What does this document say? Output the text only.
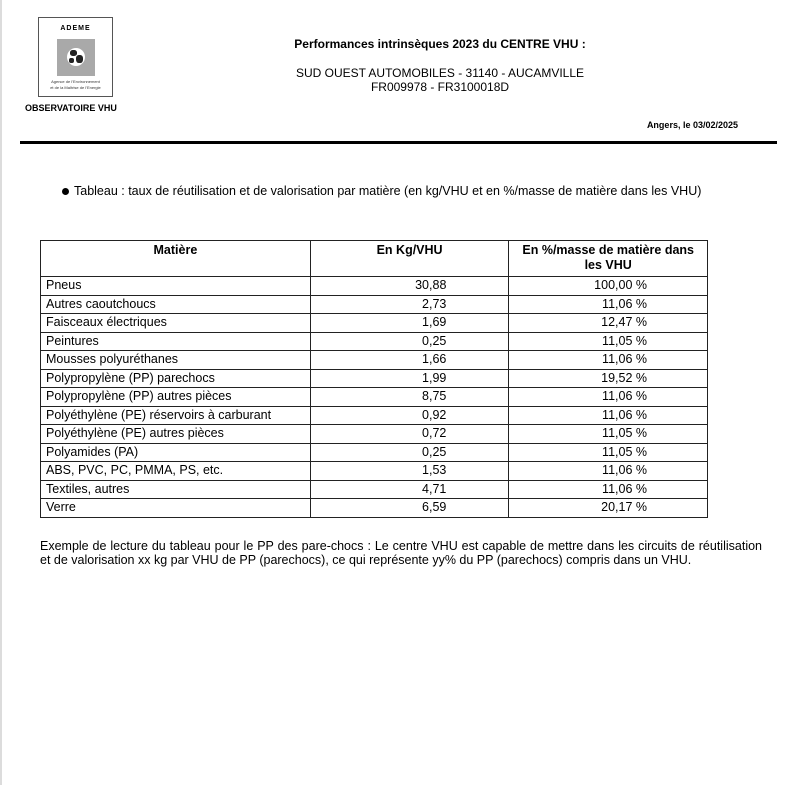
ADEME
Agence de l'Environnement
et de la Maîtrise de l'Energie
OBSERVATOIRE VHU
Performances intrinsèques 2023 du CENTRE VHU :
SUD OUEST AUTOMOBILES - 31140 - AUCAMVILLE
FR009978 - FR3100018D
Angers, le 03/02/2025
Tableau : taux de réutilisation et de valorisation par matière (en kg/VHU et en %/masse de matière dans les VHU)
Matière	En Kg/VHU	En %/masse de matière dans les VHU
Pneus	30,88	100,00 %
Autres caoutchoucs	2,73	11,06 %
Faisceaux électriques	1,69	12,47 %
Peintures	0,25	11,05 %
Mousses polyuréthanes	1,66	11,06 %
Polypropylène (PP) parechocs	1,99	19,52 %
Polypropylène (PP) autres pièces	8,75	11,06 %
Polyéthylène (PE) réservoirs à carburant	0,92	11,06 %
Polyéthylène (PE) autres pièces	0,72	11,05 %
Polyamides (PA)	0,25	11,05 %
ABS, PVC, PC, PMMA, PS, etc.	1,53	11,06 %
Textiles, autres	4,71	11,06 %
Verre	6,59	20,17 %
Exemple de lecture du tableau pour le PP des pare-chocs : Le centre VHU est capable de mettre dans les circuits de réutilisation et de valorisation xx kg par VHU de PP (parechocs), ce qui représente yy% du PP (parechocs) compris dans un VHU.
